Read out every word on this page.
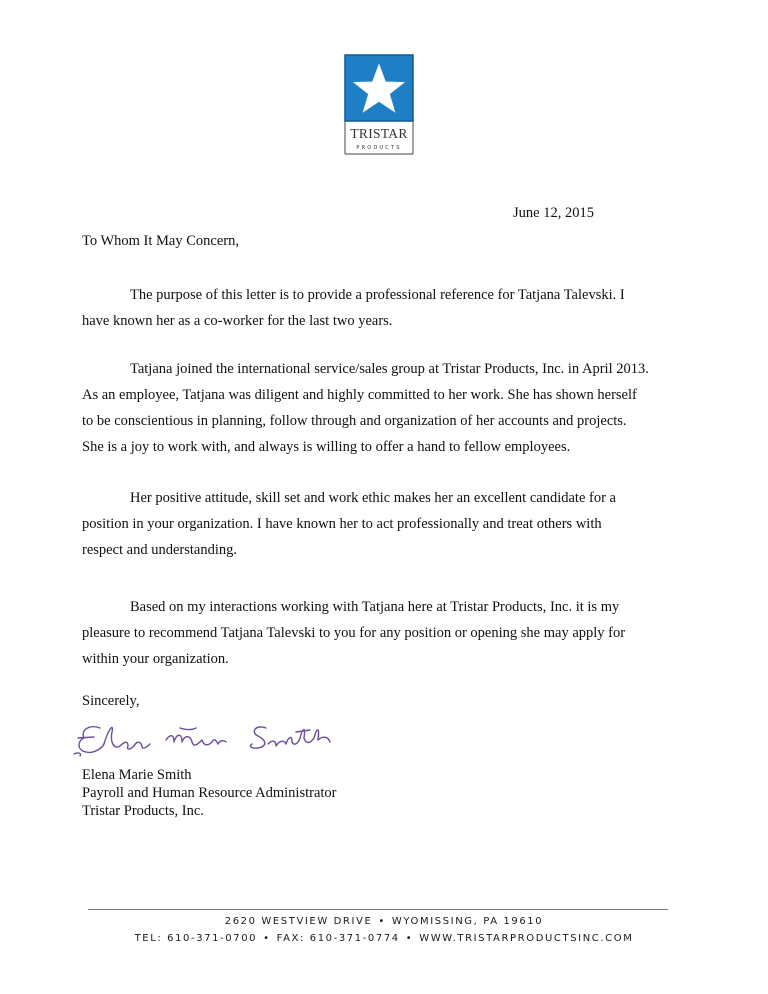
TRISTAR
PRODUCTS
June 12, 2015
To Whom It May Concern,

The purpose of this letter is to provide a professional reference for Tatjana Talevski. I
have known her as a co-worker for the last two years.

Tatjana joined the international service/sales group at Tristar Products, Inc. in April 2013.
As an employee, Tatjana was diligent and highly committed to her work. She has shown herself
to be conscientious in planning, follow through and organization of her accounts and projects.
She is a joy to work with, and always is willing to offer a hand to fellow employees.

Her positive attitude, skill set and work ethic makes her an excellent candidate for a
position in your organization. I have known her to act professionally and treat others with
respect and understanding.

Based on my interactions working with Tatjana here at Tristar Products, Inc. it is my
pleasure to recommend Tatjana Talevski to you for any position or opening she may apply for
within your organization.

Sincerely,
Elena Marie Smith
Payroll and Human Resource Administrator
Tristar Products, Inc.
2620 WESTVIEW DRIVE • WYOMISSING, PA 19610
TEL: 610-371-0700 • FAX: 610-371-0774 • WWW.TRISTARPRODUCTSINC.COM
